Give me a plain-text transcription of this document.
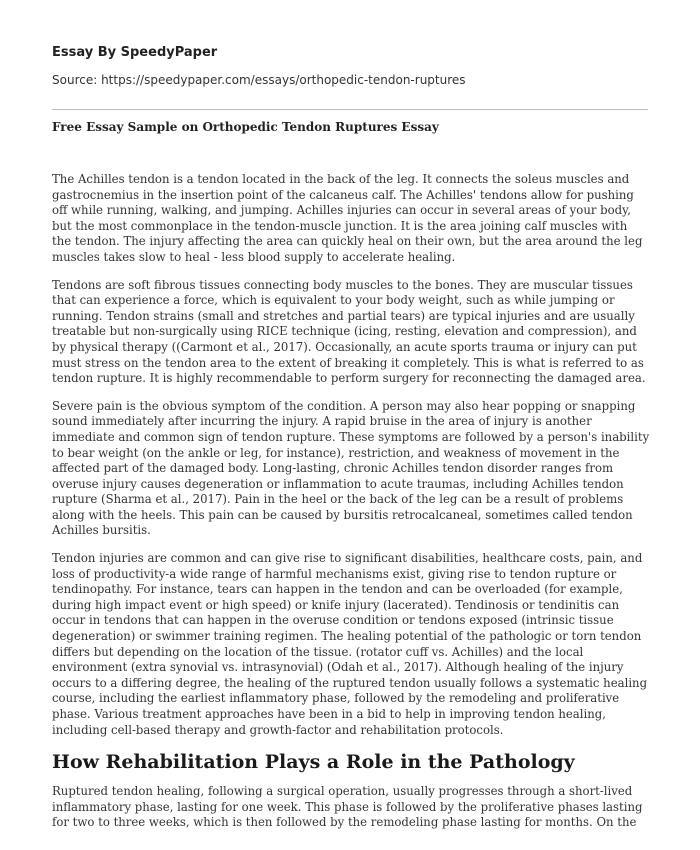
Essay By SpeedyPaper
Source: https://speedypaper.com/essays/orthopedic-tendon-ruptures
Free Essay Sample on Orthopedic Tendon Ruptures Essay

The Achilles tendon is a tendon located in the back of the leg. It connects the soleus muscles and gastrocnemius in the insertion point of the calcaneus calf. The Achilles' tendons allow for pushing off while running, walking, and jumping. Achilles injuries can occur in several areas of your body, but the most commonplace in the tendon-muscle junction. It is the area joining calf muscles with the tendon. The injury affecting the area can quickly heal on their own, but the area around the leg muscles takes slow to heal - less blood supply to accelerate healing.

Tendons are soft fibrous tissues connecting body muscles to the bones. They are muscular tissues that can experience a force, which is equivalent to your body weight, such as while jumping or running. Tendon strains (small and stretches and partial tears) are typical injuries and are usually treatable but non-surgically using RICE technique (icing, resting, elevation and compression), and by physical therapy ((Carmont et al., 2017). Occasionally, an acute sports trauma or injury can put must stress on the tendon area to the extent of breaking it completely. This is what is referred to as tendon rupture. It is highly recommendable to perform surgery for reconnecting the damaged area.

Severe pain is the obvious symptom of the condition. A person may also hear popping or snapping sound immediately after incurring the injury. A rapid bruise in the area of injury is another immediate and common sign of tendon rupture. These symptoms are followed by a person's inability to bear weight (on the ankle or leg, for instance), restriction, and weakness of movement in the affected part of the damaged body. Long-lasting, chronic Achilles tendon disorder ranges from overuse injury causes degeneration or inflammation to acute traumas, including Achilles tendon rupture (Sharma et al., 2017). Pain in the heel or the back of the leg can be a result of problems along with the heels. This pain can be caused by bursitis retrocalcaneal, sometimes called tendon Achilles bursitis.

Tendon injuries are common and can give rise to significant disabilities, healthcare costs, pain, and loss of productivity-a wide range of harmful mechanisms exist, giving rise to tendon rupture or tendinopathy. For instance, tears can happen in the tendon and can be overloaded (for example, during high impact event or high speed) or knife injury (lacerated). Tendinosis or tendinitis can occur in tendons that can happen in the overuse condition or tendons exposed (intrinsic tissue degeneration) or swimmer training regimen. The healing potential of the pathologic or torn tendon differs but depending on the location of the tissue. (rotator cuff vs. Achilles) and the local environment (extra synovial vs. intrasynovial) (Odah et al., 2017). Although healing of the injury occurs to a differing degree, the healing of the ruptured tendon usually follows a systematic healing course, including the earliest inflammatory phase, followed by the remodeling and proliferative phase. Various treatment approaches have been in a bid to help in improving tendon healing, including cell-based therapy and growth-factor and rehabilitation protocols.

How Rehabilitation Plays a Role in the Pathology

Ruptured tendon healing, following a surgical operation, usually progresses through a short-lived inflammatory phase, lasting for one week. This phase is followed by the proliferative phases lasting for two to three weeks, which is then followed by the remodeling phase lasting for months. On the
